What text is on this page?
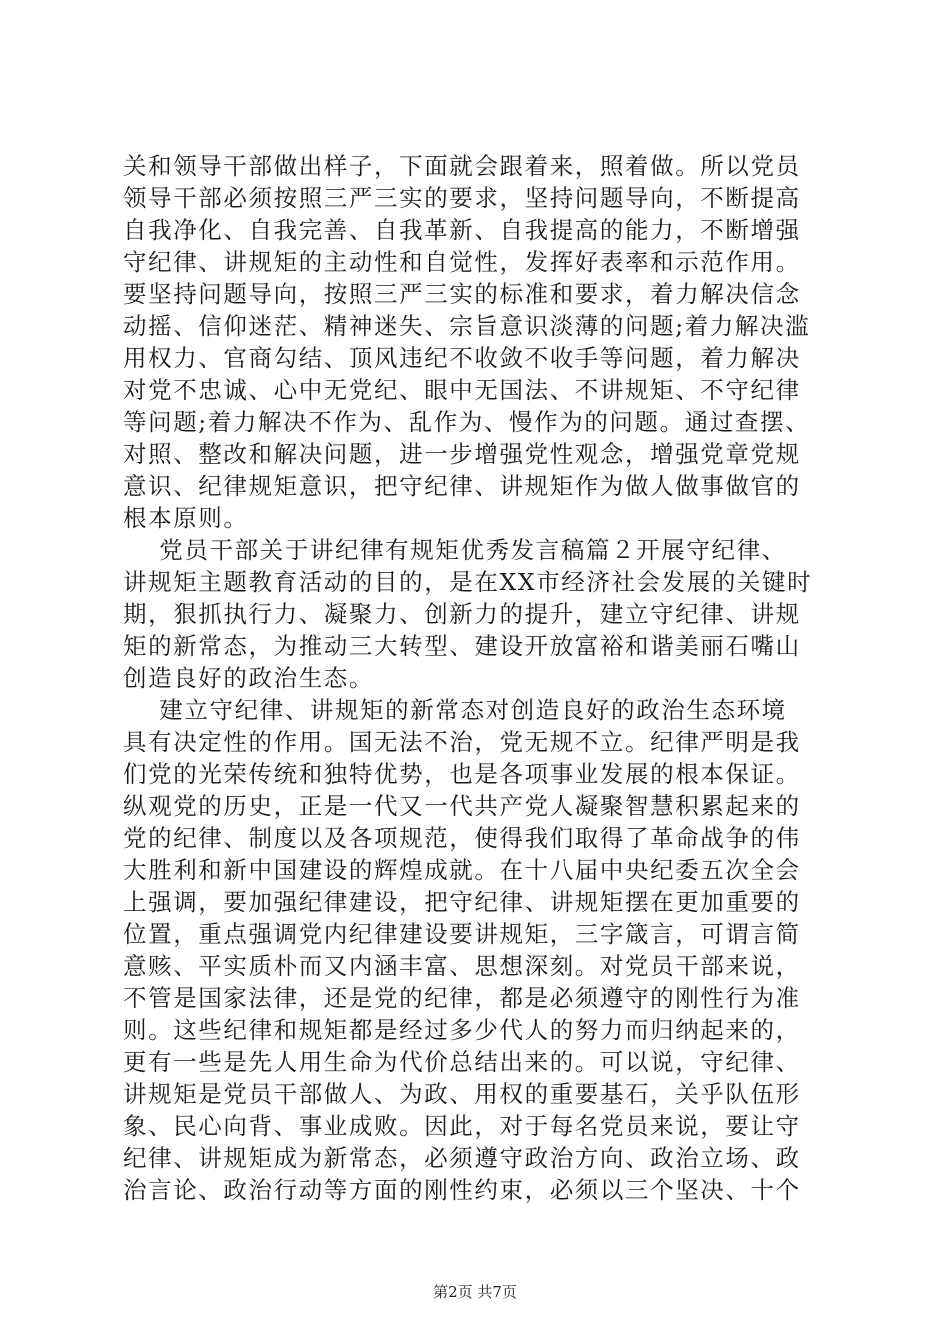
关和领导干部做出样子，下面就会跟着来，照着做。所以党员
领导干部必须按照三严三实的要求，坚持问题导向，不断提高
自我净化、自我完善、自我革新、自我提高的能力，不断增强
守纪律、讲规矩的主动性和自觉性，发挥好表率和示范作用。
要坚持问题导向，按照三严三实的标准和要求，着力解决信念
动摇、信仰迷茫、精神迷失、宗旨意识淡薄的问题;着力解决滥
用权力、官商勾结、顶风违纪不收敛不收手等问题，着力解决
对党不忠诚、心中无党纪、眼中无国法、不讲规矩、不守纪律
等问题;着力解决不作为、乱作为、慢作为的问题。通过查摆、
对照、整改和解决问题，进一步增强党性观念，增强党章党规
意识、纪律规矩意识，把守纪律、讲规矩作为做人做事做官的
根本原则。
党员干部关于讲纪律有规矩优秀发言稿篇２开展守纪律、
讲规矩主题教育活动的目的，是在XX市经济社会发展的关键时
期，狠抓执行力、凝聚力、创新力的提升，建立守纪律、讲规
矩的新常态，为推动三大转型、建设开放富裕和谐美丽石嘴山
创造良好的政治生态。
建立守纪律、讲规矩的新常态对创造良好的政治生态环境
具有决定性的作用。国无法不治，党无规不立。纪律严明是我
们党的光荣传统和独特优势，也是各项事业发展的根本保证。
纵观党的历史，正是一代又一代共产党人凝聚智慧积累起来的
党的纪律、制度以及各项规范，使得我们取得了革命战争的伟
大胜利和新中国建设的辉煌成就。在十八届中央纪委五次全会
上强调，要加强纪律建设，把守纪律、讲规矩摆在更加重要的
位置，重点强调党内纪律建设要讲规矩，三字箴言，可谓言简
意赅、平实质朴而又内涵丰富、思想深刻。对党员干部来说，
不管是国家法律，还是党的纪律，都是必须遵守的刚性行为准
则。这些纪律和规矩都是经过多少代人的努力而归纳起来的，
更有一些是先人用生命为代价总结出来的。可以说，守纪律、
讲规矩是党员干部做人、为政、用权的重要基石，关乎队伍形
象、民心向背、事业成败。因此，对于每名党员来说，要让守
纪律、讲规矩成为新常态，必须遵守政治方向、政治立场、政
治言论、政治行动等方面的刚性约束，必须以三个坚决、十个
第2页 共7页
